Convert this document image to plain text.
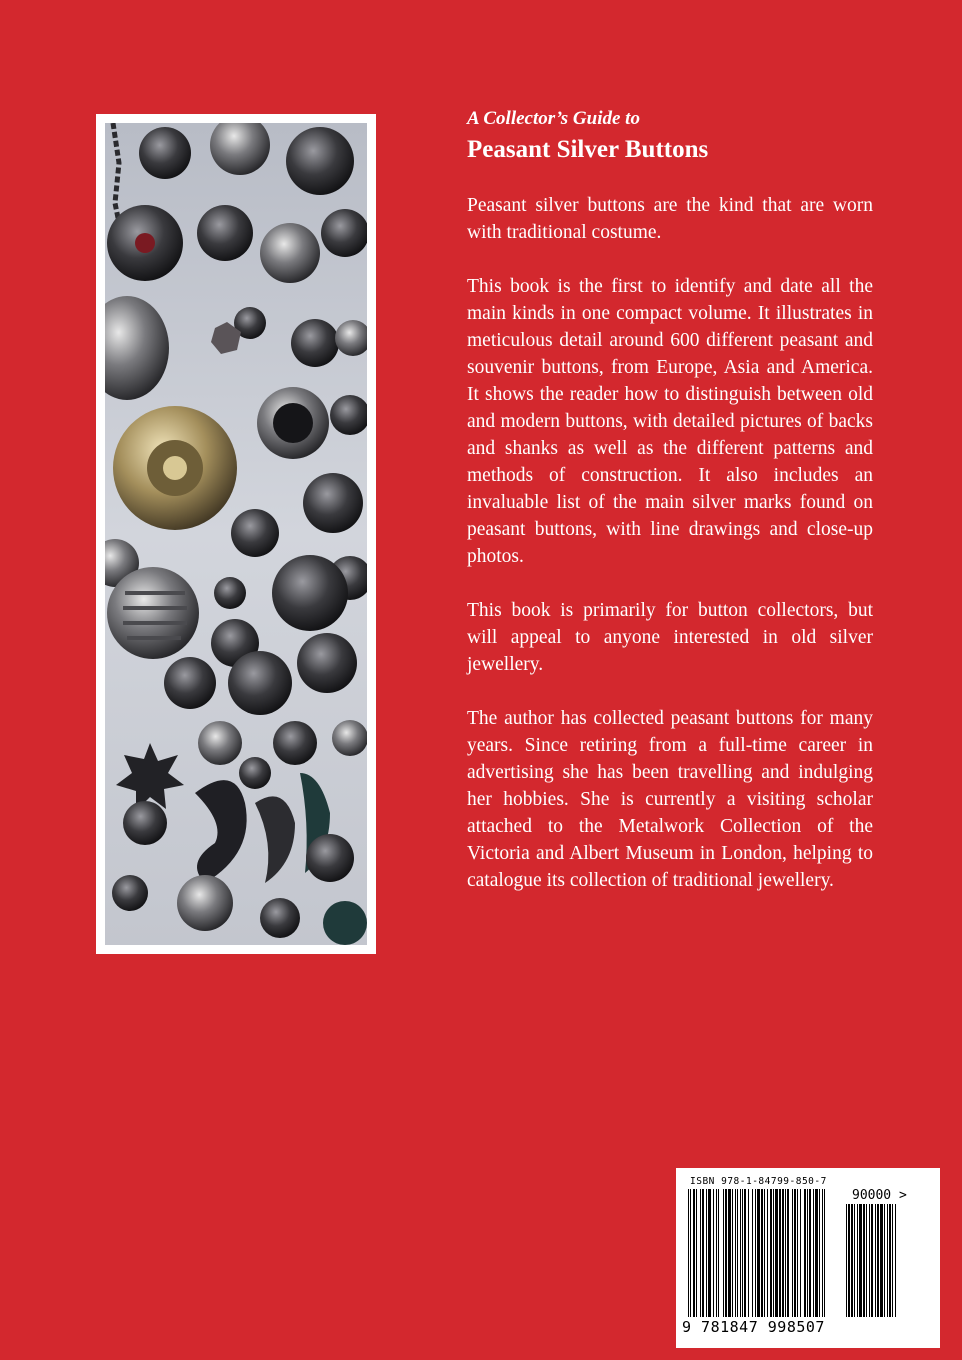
A Collector’s Guide to

Peasant Silver Buttons

Peasant silver buttons are the kind that are worn with traditional costume.

This book is the first to identify and date all the main kinds in one compact volume. It illustrates in meticulous detail around 600 different peasant and souvenir buttons, from Europe, Asia and America. It shows the reader how to distinguish between old and modern buttons, with detailed pictures of backs and shanks as well as the different patterns and methods of construction. It also includes an invaluable list of the main silver marks found on peasant buttons, with line drawings and close-up photos.

This book is primarily for button collectors, but will appeal to anyone interested in old silver jewellery.

The author has collected peasant buttons for many years. Since retiring from a full-time career in advertising she has been travelling and indulging her hobbies. She is currently a visiting scholar attached to the Metalwork Collection of the Victoria and Albert Museum in London, helping to catalogue its collection of traditional jewellery.

ISBN 978-1-84799-850-7
90000 >
9 781847 998507
